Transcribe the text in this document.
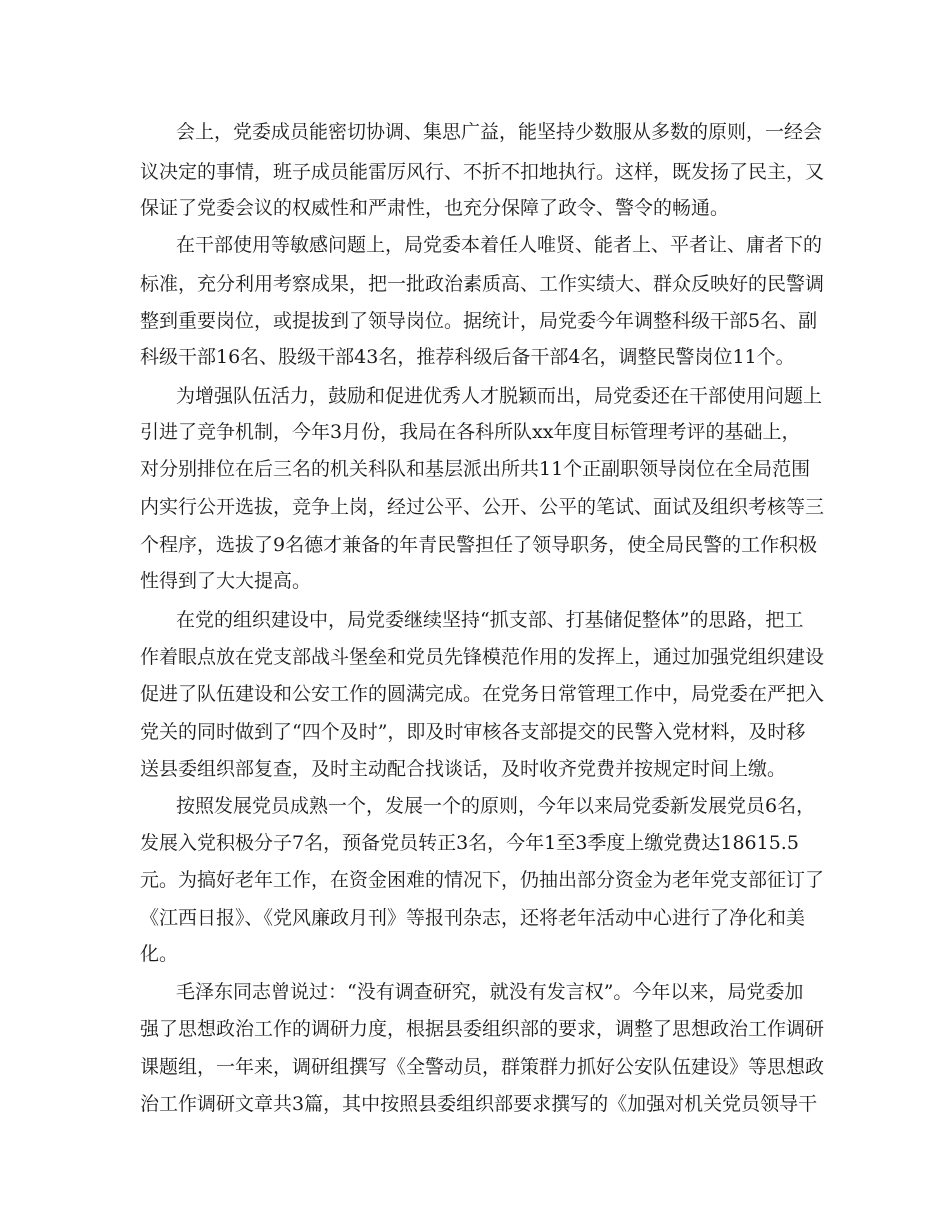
会上，党委成员能密切协调、集思广益，能坚持少数服从多数的原则，一经会
议决定的事情，班子成员能雷厉风行、不折不扣地执行。这样，既发扬了民主，又
保证了党委会议的权威性和严肃性，也充分保障了政令、警令的畅通。
在干部使用等敏感问题上，局党委本着任人唯贤、能者上、平者让、庸者下的
标准，充分利用考察成果，把一批政治素质高、工作实绩大、群众反映好的民警调
整到重要岗位，或提拔到了领导岗位。据统计，局党委今年调整科级干部5名、副
科级干部16名、股级干部43名，推荐科级后备干部4名，调整民警岗位11个。
为增强队伍活力，鼓励和促进优秀人才脱颖而出，局党委还在干部使用问题上
引进了竞争机制，今年3月份，我局在各科所队xx年度目标管理考评的基础上，
对分别排位在后三名的机关科队和基层派出所共11个正副职领导岗位在全局范围
内实行公开选拔，竞争上岗，经过公平、公开、公平的笔试、面试及组织考核等三
个程序，选拔了9名德才兼备的年青民警担任了领导职务，使全局民警的工作积极
性得到了大大提高。
在党的组织建设中，局党委继续坚持“抓支部、打基储促整体”的思路，把工
作着眼点放在党支部战斗堡垒和党员先锋模范作用的发挥上，通过加强党组织建设
促进了队伍建设和公安工作的圆满完成。在党务日常管理工作中，局党委在严把入
党关的同时做到了“四个及时”，即及时审核各支部提交的民警入党材料，及时移
送县委组织部复查，及时主动配合找谈话，及时收齐党费并按规定时间上缴。
按照发展党员成熟一个，发展一个的原则，今年以来局党委新发展党员6名，
发展入党积极分子7名，预备党员转正3名，今年1至3季度上缴党费达18615.5
元。为搞好老年工作，在资金困难的情况下，仍抽出部分资金为老年党支部征订了
《江西日报》、《党风廉政月刊》等报刊杂志，还将老年活动中心进行了净化和美
化。
毛泽东同志曾说过：“没有调查研究，就没有发言权”。今年以来，局党委加
强了思想政治工作的调研力度，根据县委组织部的要求，调整了思想政治工作调研
课题组，一年来，调研组撰写《全警动员，群策群力抓好公安队伍建设》等思想政
治工作调研文章共3篇，其中按照县委组织部要求撰写的《加强对机关党员领导干
